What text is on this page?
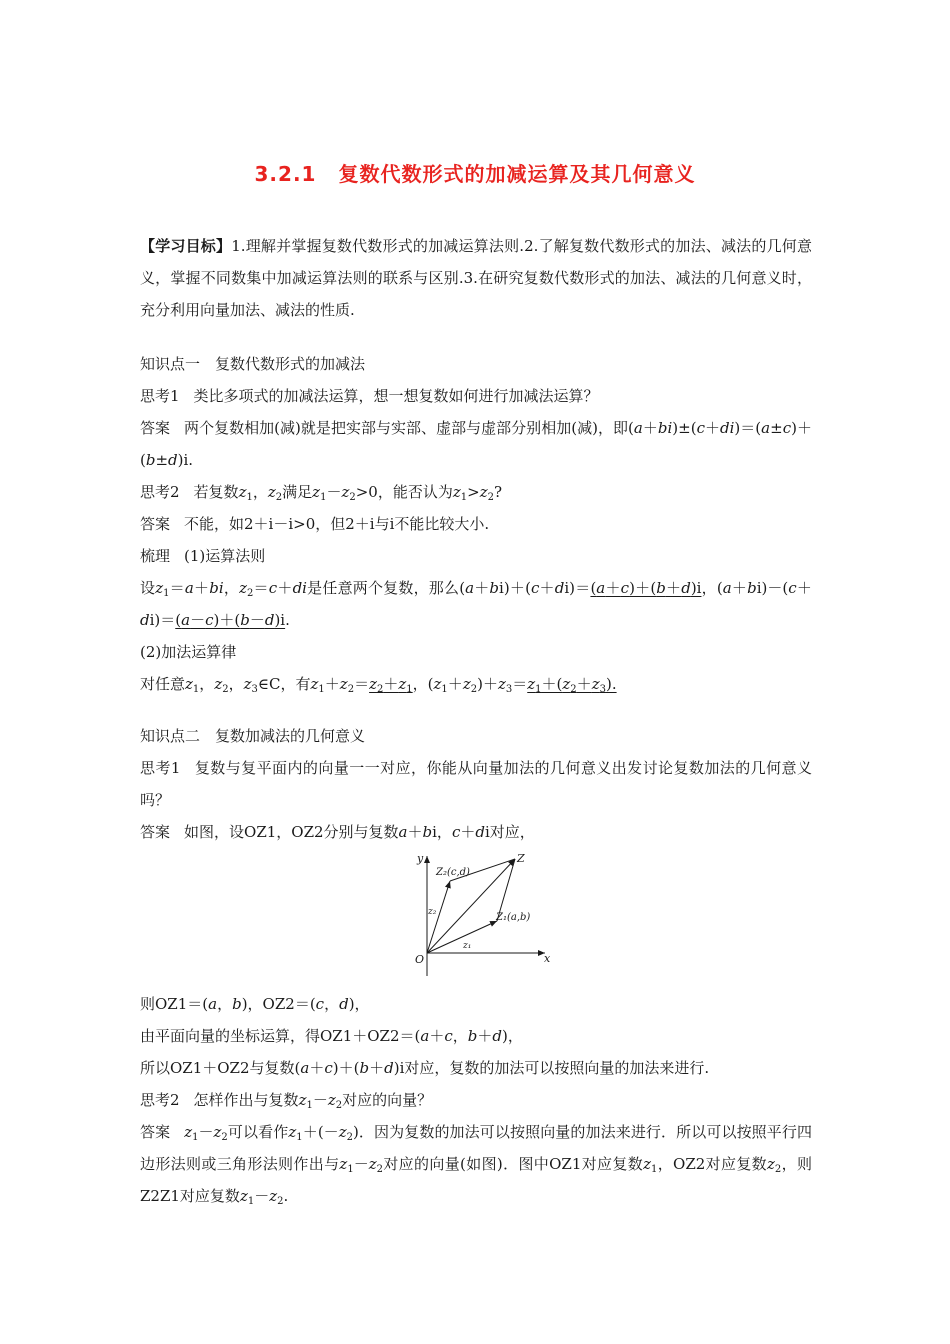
3.2.1 复数代数形式的加减运算及其几何意义

【学习目标】1.理解并掌握复数代数形式的加减运算法则.2.了解复数代数形式的加法、减法的几何意义，掌握不同数集中加减运算法则的联系与区别.3.在研究复数代数形式的加法、减法的几何意义时，充分利用向量加法、减法的性质.

知识点一　复数代数形式的加减法

思考1 类比多项式的加减法运算，想一想复数如何进行加减法运算？

答案 两个复数相加(减)就是把实部与实部、虚部与虚部分别相加(减)，即(a＋bi)±(c＋di)＝(a±c)＋(b±d)i.

思考2 若复数$z_1$，$z_2$满足$z_1-z_2>0$，能否认为$z_1>z_2$?

答案 不能，如2＋i－i>0，但2＋i与i不能比较大小.

梳理 (1)运算法则

设$z_1=a+bi$，$z_2=c+di$是任意两个复数，那么(a＋bi)＋(c＋di)＝(a＋c)＋(b＋d)i，(a＋bi)－(c＋di)＝(a－c)＋(b－d)i.

(2)加法运算律

对任意$z_1$，$z_2$，$z_3\in C$，有$z_1+z_2=z_2+z_1$，$(z_1+z_2)+z_3=z_1+(z_2+z_3)$.

知识点二　复数加减法的几何意义

思考1 复数与复平面内的向量一一对应，你能从向量加法的几何意义出发讨论复数加法的几何意义吗？

答案 如图，设OZ1，OZ2分别与复数a＋bi，c＋di对应，

y
x
O
Z
Z₂(c,d)
Z₁(a,b)
z₂
z₁

则OZ1＝(a，b)，OZ2＝(c，d)，

由平面向量的坐标运算，得OZ1＋OZ2＝(a＋c，b＋d)，

所以OZ1＋OZ2与复数(a＋c)＋(b＋d)i对应，复数的加法可以按照向量的加法来进行.

思考2 怎样作出与复数$z_1-z_2$对应的向量？

答案 $z_1-z_2$可以看作$z_1+(-z_2)$．因为复数的加法可以按照向量的加法来进行．所以可以按照平行四边形法则或三角形法则作出与$z_1-z_2$对应的向量(如图)．图中OZ1对应复数$z_1$，OZ2对应复数$z_2$，则Z2Z1对应复数$z_1-z_2$.
